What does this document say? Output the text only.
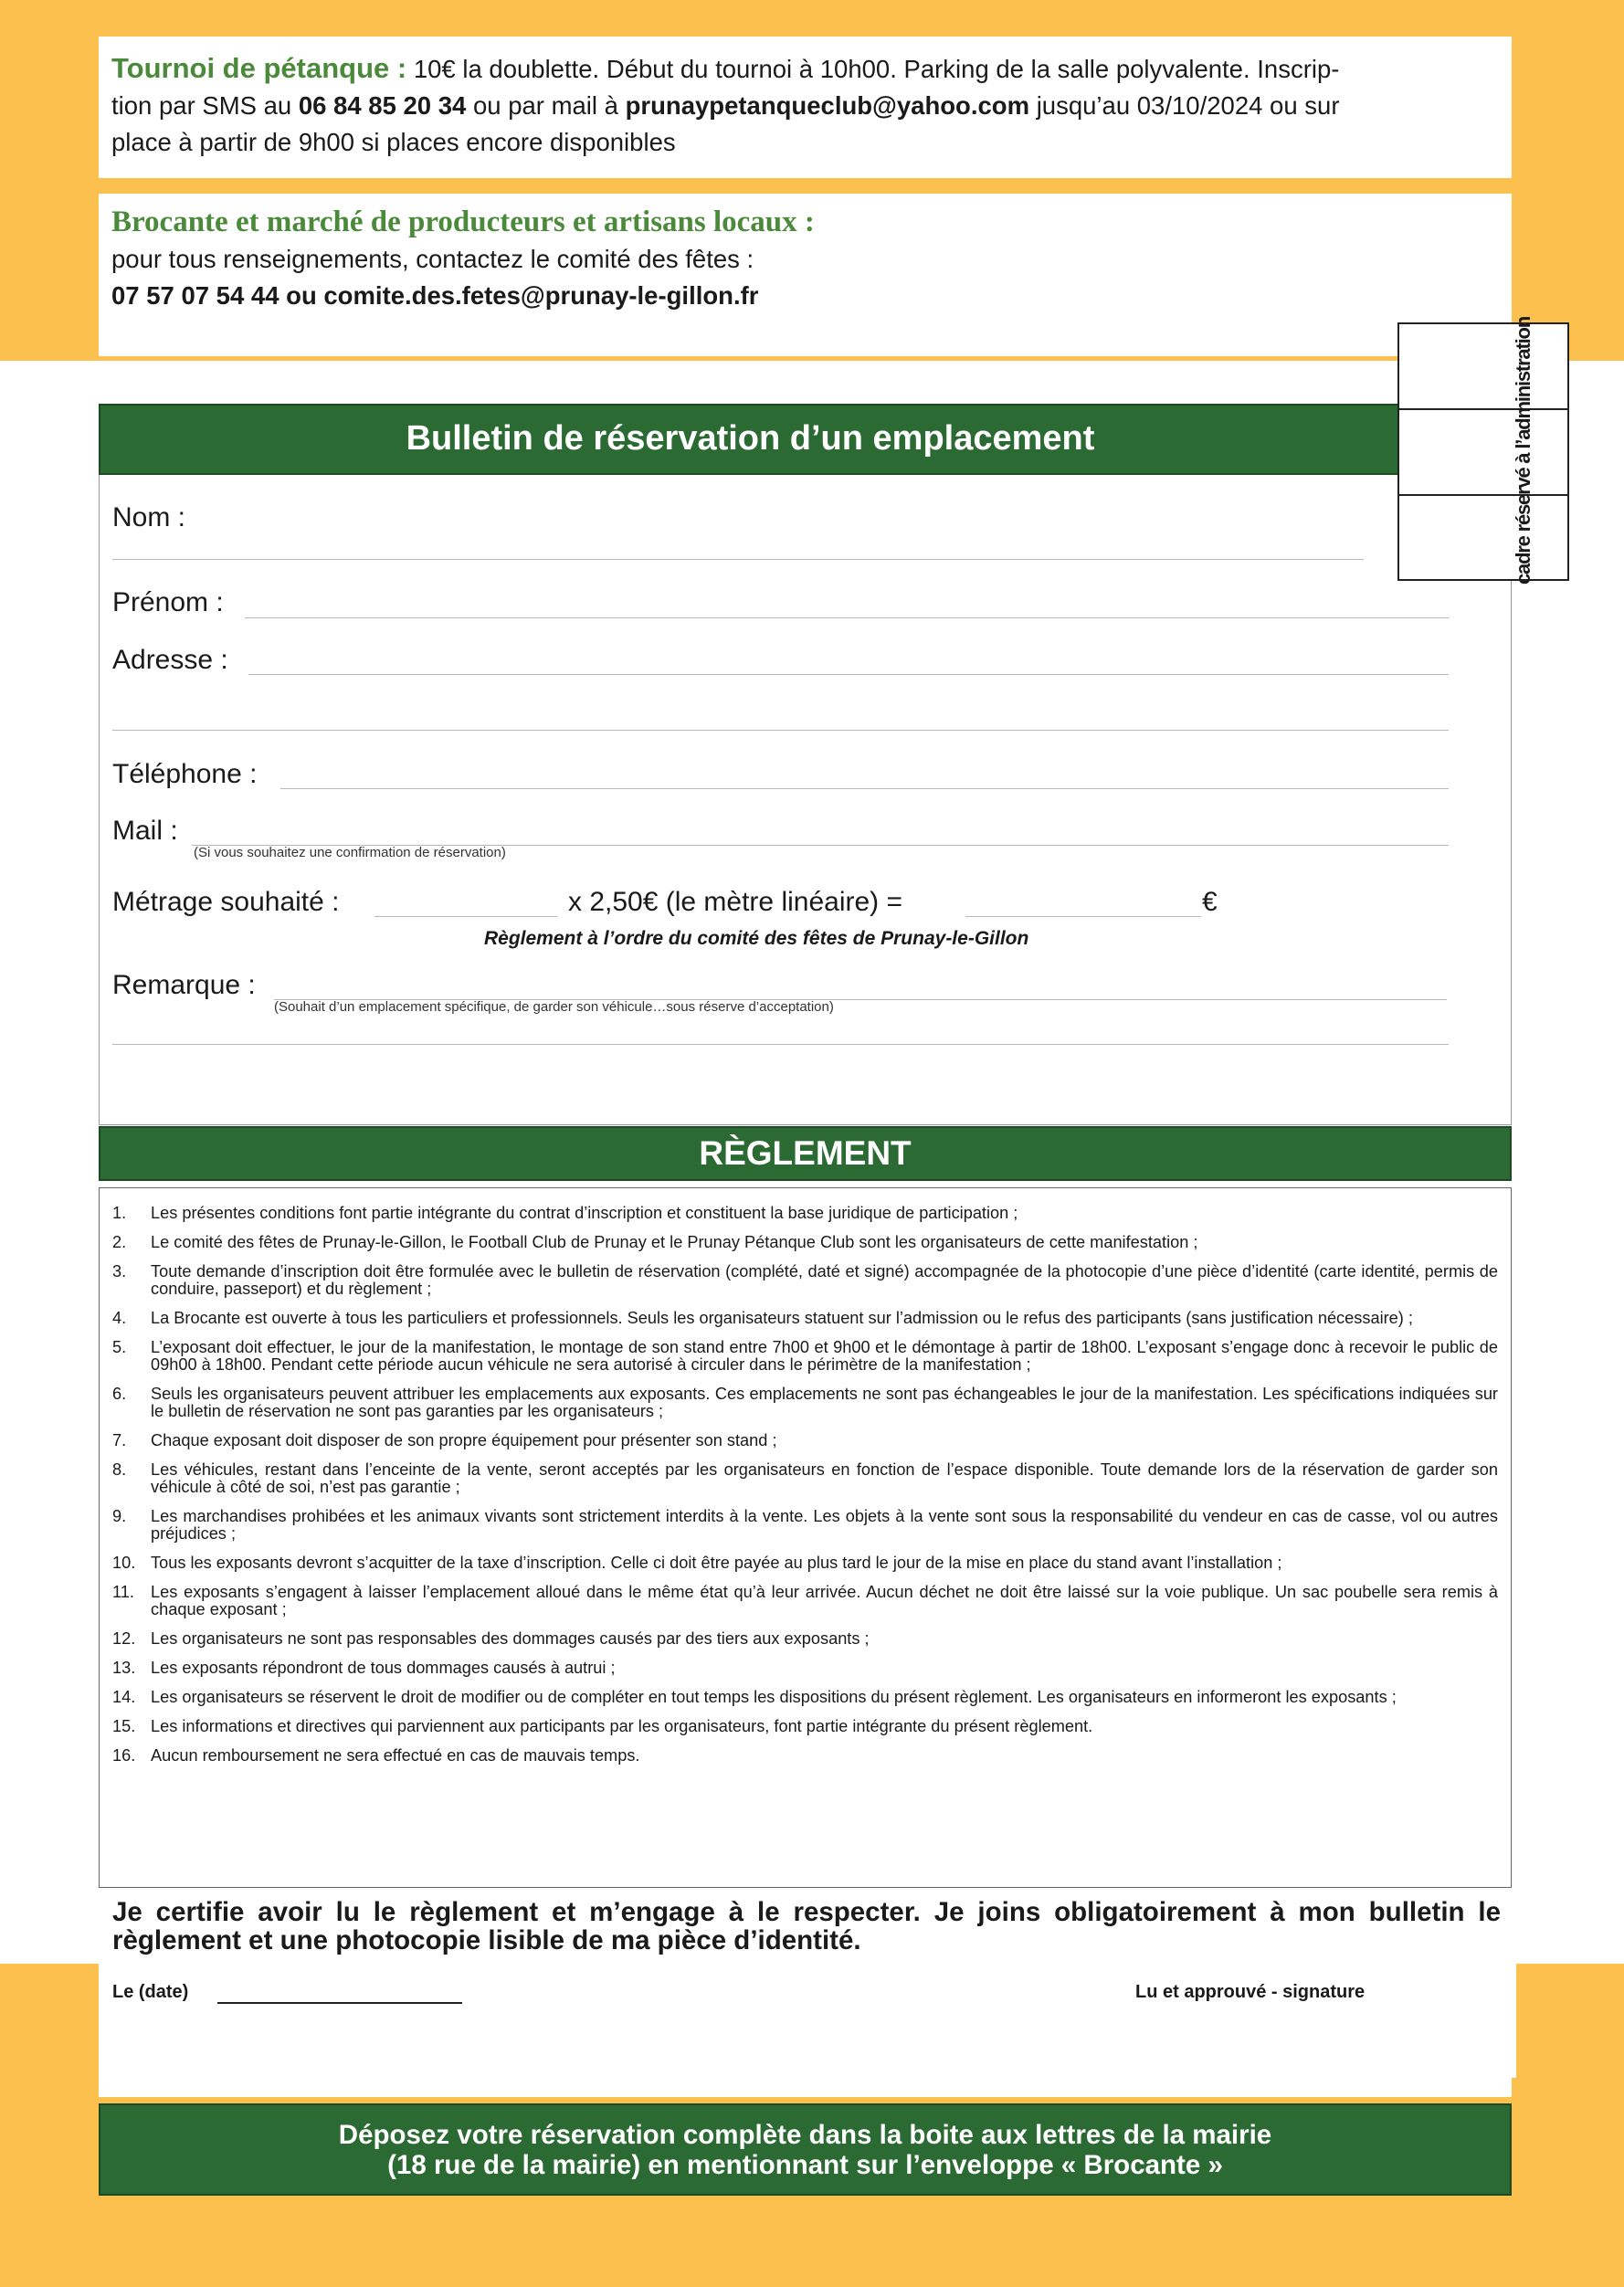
Tournoi de pétanque : 10€ la doublette. Début du tournoi à 10h00. Parking de la salle polyvalente. Inscrip-
tion par SMS au 06 84 85 20 34 ou par mail à prunaypetanqueclub@yahoo.com jusqu’au 03/10/2024 ou sur
place à partir de 9h00 si places encore disponibles
Brocante et marché de producteurs et artisans locaux :
pour tous renseignements, contactez le comité des fêtes :
07 57 07 54 44 ou comite.des.fetes@prunay-le-gillon.fr
Bulletin de réservation d’un emplacement	cadre réservé à l’administration
Nom :
Prénom :
Adresse :
Téléphone :
Mail :
(Si vous souhaitez une confirmation de réservation)
Métrage souhaité :	x 2,50€ (le mètre linéaire) =	€
Règlement à l’ordre du comité des fêtes de Prunay-le-Gillon
Remarque :
(Souhait d’un emplacement spécifique, de garder son véhicule…sous réserve d’acceptation)
RÈGLEMENT
1. Les présentes conditions font partie intégrante du contrat d’inscription et constituent la base juridique de participation ;
2. Le comité des fêtes de Prunay-le-Gillon, le Football Club de Prunay et le Prunay Pétanque Club sont les organisateurs de cette manifestation ;
3. Toute demande d’inscription doit être formulée avec le bulletin de réservation (complété, daté et signé) accompagnée de la photocopie d’une pièce d’identité (carte identité, permis de conduire, passeport) et du règlement ;
4. La Brocante est ouverte à tous les particuliers et professionnels. Seuls les organisateurs statuent sur l’admission ou le refus des participants (sans justification nécessaire) ;
5. L’exposant doit effectuer, le jour de la manifestation, le montage de son stand entre 7h00 et 9h00 et le démontage à partir de 18h00. L’exposant s’engage donc à recevoir le public de 09h00 à 18h00. Pendant cette période aucun véhicule ne sera autorisé à circuler dans le périmètre de la manifestation ;
6. Seuls les organisateurs peuvent attribuer les emplacements aux exposants. Ces emplacements ne sont pas échangeables le jour de la manifestation. Les spécifications indiquées sur le bulletin de réservation ne sont pas garanties par les organisateurs ;
7. Chaque exposant doit disposer de son propre équipement pour présenter son stand ;
8. Les véhicules, restant dans l’enceinte de la vente, seront acceptés par les organisateurs en fonction de l’espace disponible. Toute demande lors de la réservation de garder son véhicule à côté de soi, n’est pas garantie ;
9. Les marchandises prohibées et les animaux vivants sont strictement interdits à la vente. Les objets à la vente sont sous la responsabilité du vendeur en cas de casse, vol ou autres préjudices ;
10. Tous les exposants devront s’acquitter de la taxe d’inscription. Celle ci doit être payée au plus tard le jour de la mise en place du stand avant l’installation ;
11. Les exposants s’engagent à laisser l’emplacement alloué dans le même état qu’à leur arrivée. Aucun déchet ne doit être laissé sur la voie publique. Un sac poubelle sera remis à chaque exposant ;
12. Les organisateurs ne sont pas responsables des dommages causés par des tiers aux exposants ;
13. Les exposants répondront de tous dommages causés à autrui ;
14. Les organisateurs se réservent le droit de modifier ou de compléter en tout temps les dispositions du présent règlement. Les organisateurs en informeront les exposants ;
15. Les informations et directives qui parviennent aux participants par les organisateurs, font partie intégrante du présent règlement.
16. Aucun remboursement ne sera effectué en cas de mauvais temps.
Je certifie avoir lu le règlement et m’engage à le respecter. Je joins obligatoirement à mon bulletin le règlement et une photocopie lisible de ma pièce d’identité.
Le (date)	Lu et approuvé - signature
Déposez votre réservation complète dans la boite aux lettres de la mairie
(18 rue de la mairie) en mentionnant sur l’enveloppe « Brocante »
